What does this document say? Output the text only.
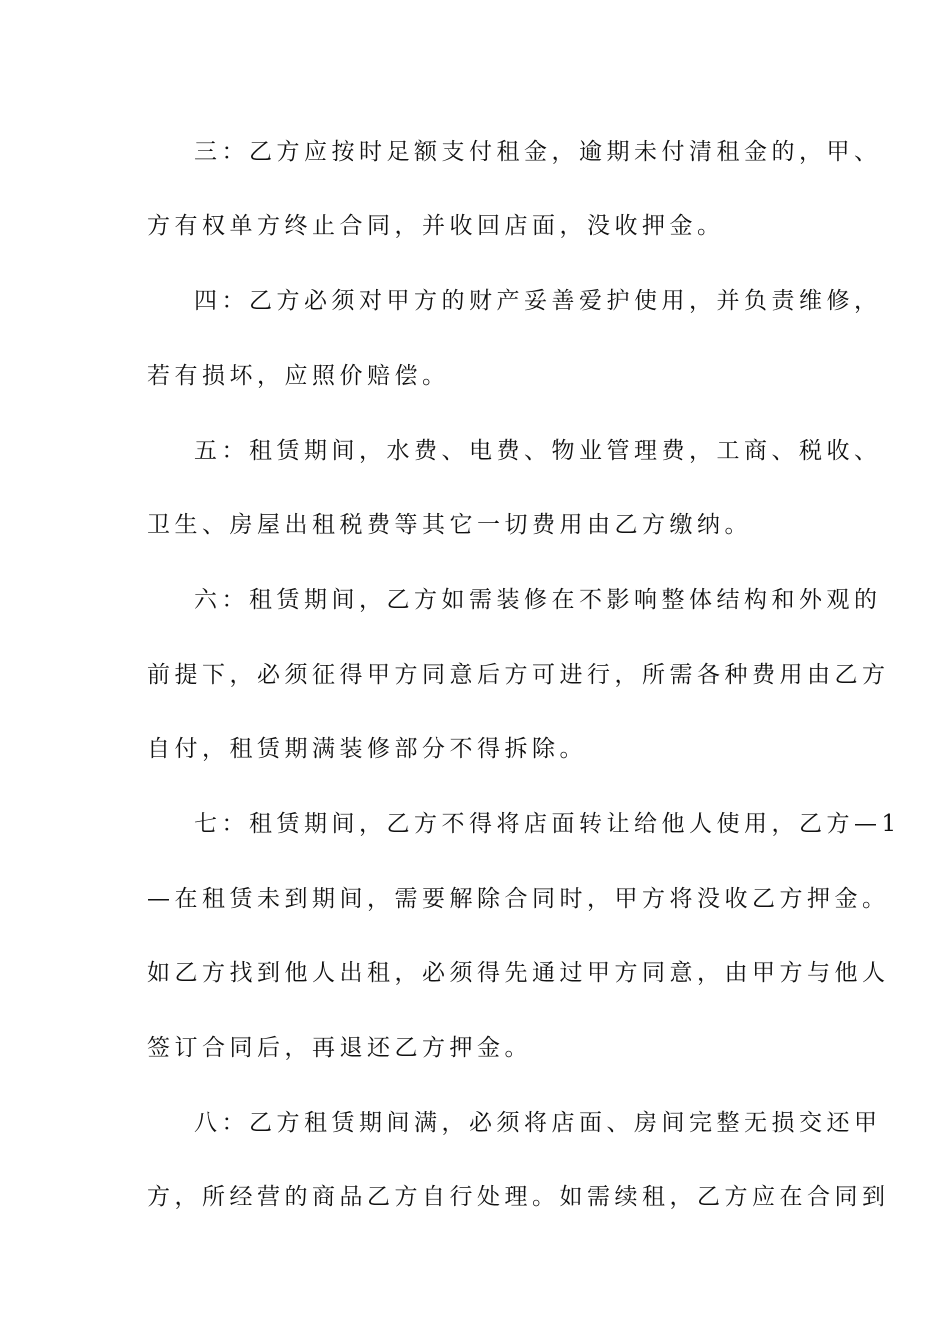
三：乙方应按时足额支付租金，逾期未付清租金的，甲、
方有权单方终止合同，并收回店面，没收押金。
四：乙方必须对甲方的财产妥善爱护使用，并负责维修，
若有损坏，应照价赔偿。
五：租赁期间，水费、电费、物业管理费，工商、税收、
卫生、房屋出租税费等其它一切费用由乙方缴纳。
六：租赁期间，乙方如需装修在不影响整体结构和外观的
前提下，必须征得甲方同意后方可进行，所需各种费用由乙方
自付，租赁期满装修部分不得拆除。
七：租赁期间，乙方不得将店面转让给他人使用，乙方—1
—在租赁未到期间，需要解除合同时，甲方将没收乙方押金。
如乙方找到他人出租，必须得先通过甲方同意，由甲方与他人
签订合同后，再退还乙方押金。
八：乙方租赁期间满，必须将店面、房间完整无损交还甲
方，所经营的商品乙方自行处理。如需续租，乙方应在合同到
